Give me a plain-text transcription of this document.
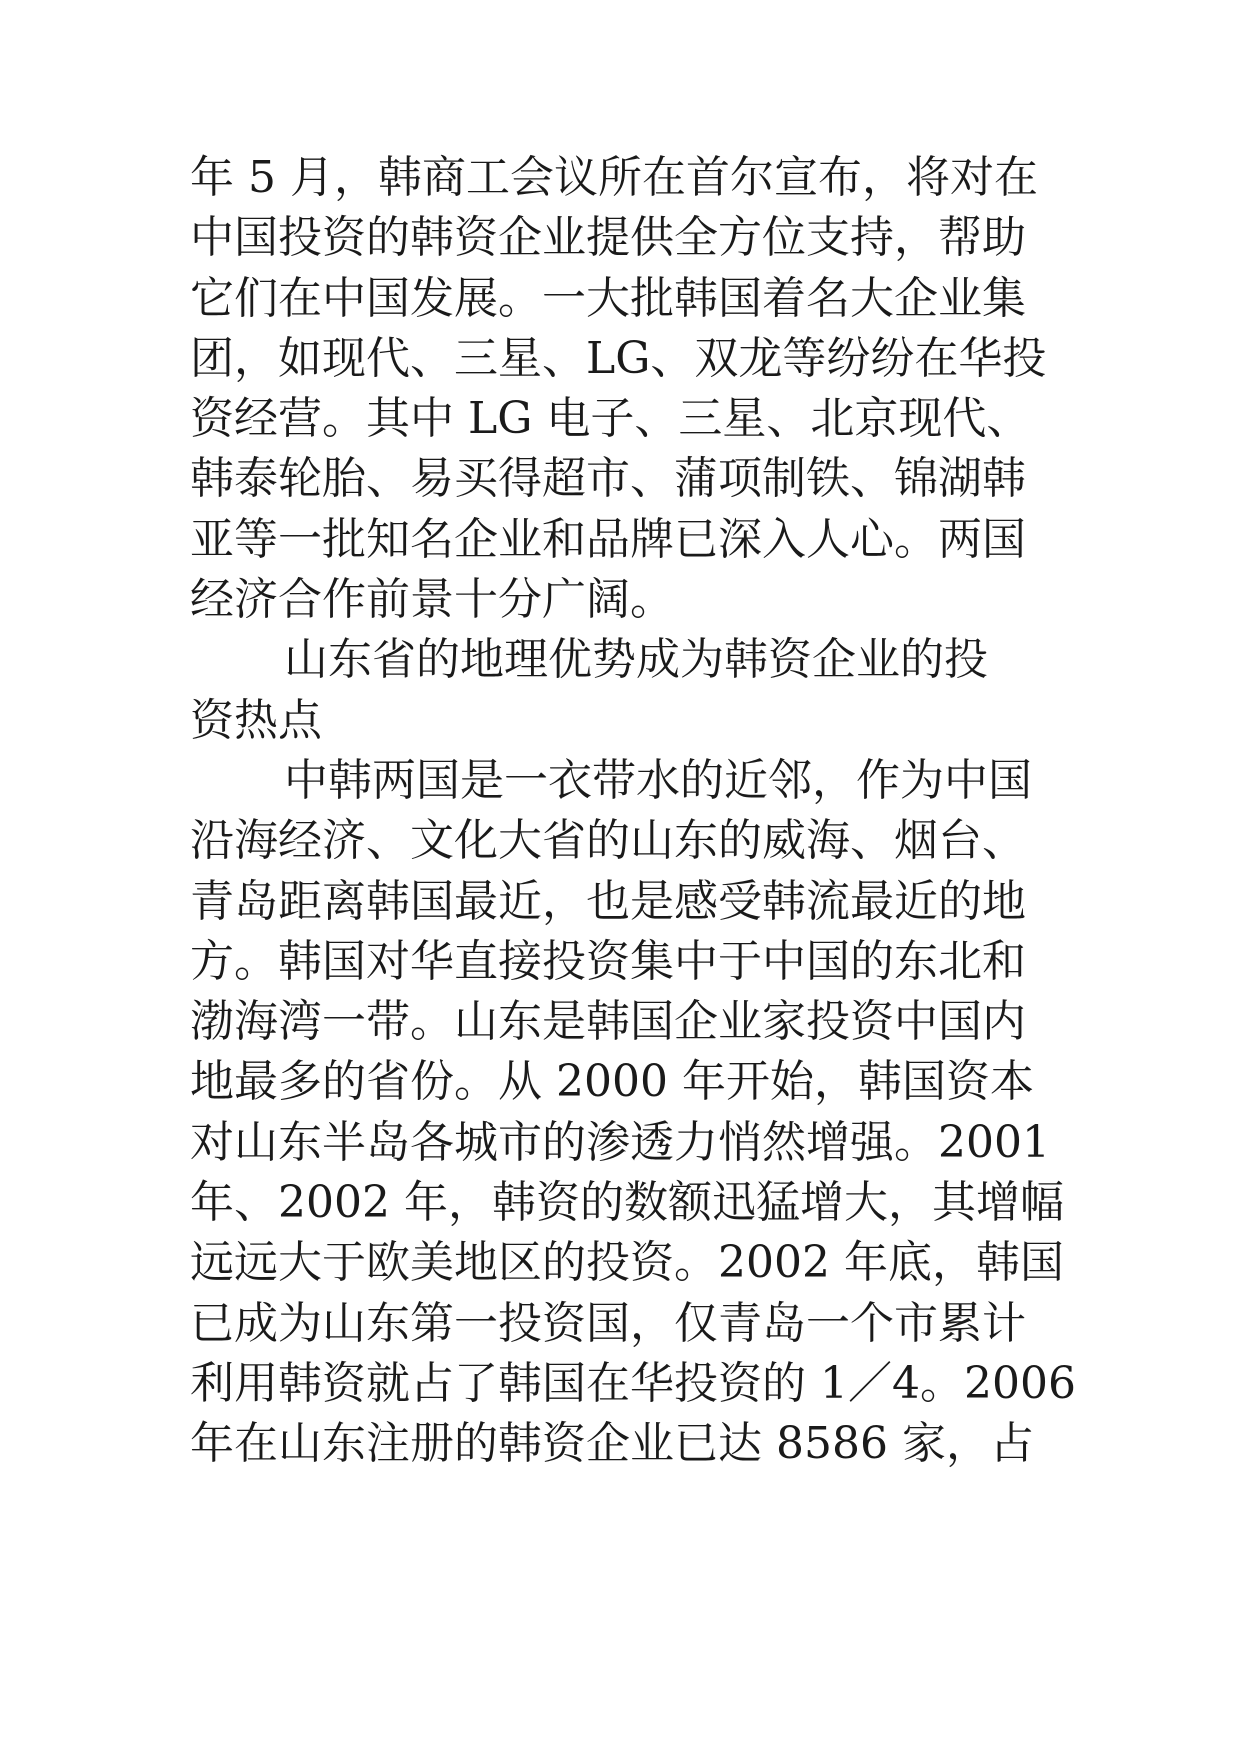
年 5 月，韩商工会议所在首尔宣布，将对在
中国投资的韩资企业提供全方位支持，帮助
它们在中国发展。一大批韩国着名大企业集
团，如现代、三星、LG、双龙等纷纷在华投
资经营。其中 LG 电子、三星、北京现代、
韩泰轮胎、易买得超市、蒲项制铁、锦湖韩
亚等一批知名企业和品牌已深入人心。两国
经济合作前景十分广阔。
山东省的地理优势成为韩资企业的投
资热点
中韩两国是一衣带水的近邻，作为中国
沿海经济、文化大省的山东的威海、烟台、
青岛距离韩国最近，也是感受韩流最近的地
方。韩国对华直接投资集中于中国的东北和
渤海湾一带。山东是韩国企业家投资中国内
地最多的省份。从 2000 年开始，韩国资本
对山东半岛各城市的渗透力悄然增强。2001
年、2002 年，韩资的数额迅猛增大，其增幅
远远大于欧美地区的投资。2002 年底，韩国
已成为山东第一投资国，仅青岛一个市累计
利用韩资就占了韩国在华投资的 1／4。2006
年在山东注册的韩资企业已达 8586 家，占
